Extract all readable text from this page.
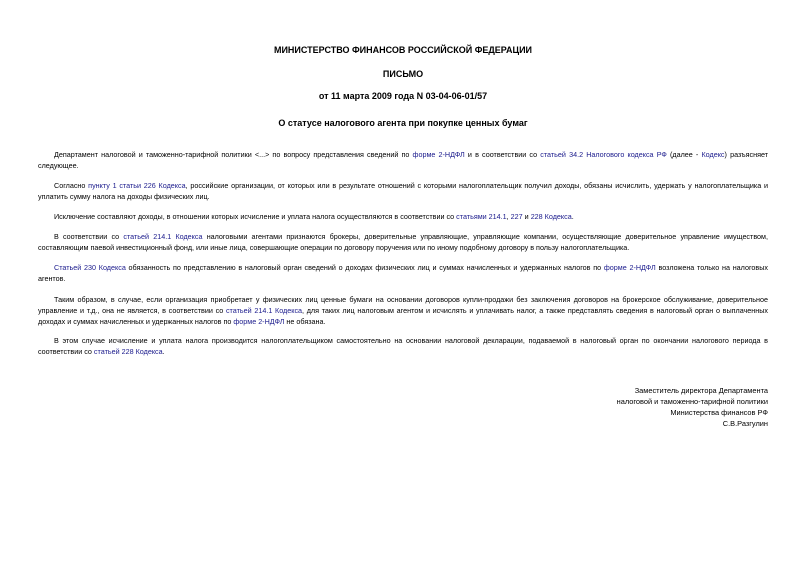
МИНИСТЕРСТВО ФИНАНСОВ РОССИЙСКОЙ ФЕДЕРАЦИИ
ПИСЬМО
от 11 марта 2009 года N 03-04-06-01/57
О статусе налогового агента при покупке ценных бумаг
Департамент налоговой и таможенно-тарифной политики <...> по вопросу представления сведений по форме 2-НДФЛ и в соответствии со статьей 34.2 Налогового кодекса РФ (далее - Кодекс) разъясняет следующее.
Согласно пункту 1 статьи 226 Кодекса, российские организации, от которых или в результате отношений с которыми налогоплательщик получил доходы, обязаны исчислить, удержать у налогоплательщика и уплатить сумму налога на доходы физических лиц.
Исключение составляют доходы, в отношении которых исчисление и уплата налога осуществляются в соответствии со статьями 214.1, 227 и 228 Кодекса.
В соответствии со статьей 214.1 Кодекса налоговыми агентами признаются брокеры, доверительные управляющие, управляющие компании, осуществляющие доверительное управление имуществом, составляющим паевой инвестиционный фонд, или иные лица, совершающие операции по договору поручения или по иному подобному договору в пользу налогоплательщика.
Статьей 230 Кодекса обязанность по представлению в налоговый орган сведений о доходах физических лиц и суммах начисленных и удержанных налогов по форме 2-НДФЛ возложена только на налоговых агентов.
Таким образом, в случае, если организация приобретает у физических лиц ценные бумаги на основании договоров купли-продажи без заключения договоров на брокерское обслуживание, доверительное управление и т.д., она не является, в соответствии со статьей 214.1 Кодекса, для таких лиц налоговым агентом и исчислять и уплачивать налог, а также представлять сведения в налоговый орган о выплаченных доходах и суммах начисленных и удержанных налогов по форме 2-НДФЛ не обязана.
В этом случае исчисление и уплата налога производится налогоплательщиком самостоятельно на основании налоговой декларации, подаваемой в налоговый орган по окончании налогового периода в соответствии со статьей 228 Кодекса.
Заместитель директора Департамента
налоговой и таможенно-тарифной политики
Министерства финансов РФ
С.В.Разгулин
